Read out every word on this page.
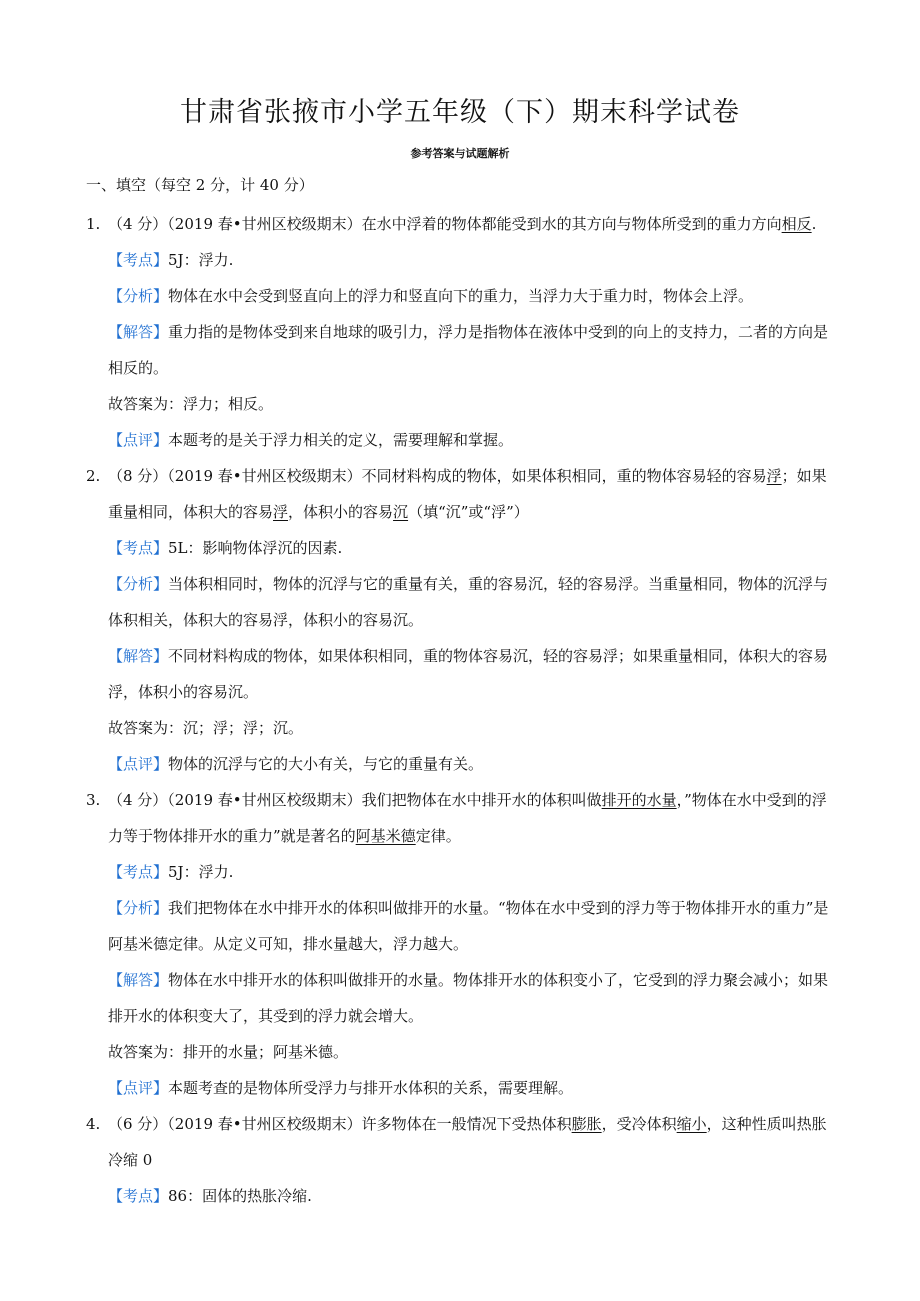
甘肃省张掖市小学五年级（下）期末科学试卷
参考答案与试题解析
一、填空（每空 2 分，计 40 分）
1. （4 分）（2019 春•甘州区校级期末）在水中浮着的物体都能受到水的其方向与物体所受到的重力方向相反.
【考点】5J：浮力.
【分析】物体在水中会受到竖直向上的浮力和竖直向下的重力，当浮力大于重力时，物体会上浮。
【解答】重力指的是物体受到来自地球的吸引力，浮力是指物体在液体中受到的向上的支持力，二者的方向是相反的。
故答案为：浮力；相反。
【点评】本题考的是关于浮力相关的定义，需要理解和掌握。
2. （8 分）（2019 春•甘州区校级期末）不同材料构成的物体，如果体积相同，重的物体容易轻的容易浮；如果重量相同，体积大的容易浮，体积小的容易沉（填“沉”或“浮”）
【考点】5L：影响物体浮沉的因素.
【分析】当体积相同时，物体的沉浮与它的重量有关，重的容易沉，轻的容易浮。当重量相同，物体的沉浮与体积相关，体积大的容易浮，体积小的容易沉。
【解答】不同材料构成的物体，如果体积相同，重的物体容易沉，轻的容易浮；如果重量相同，体积大的容易浮，体积小的容易沉。
故答案为：沉；浮；浮；沉。
【点评】物体的沉浮与它的大小有关，与它的重量有关。
3. （4 分）（2019 春•甘州区校级期末）我们把物体在水中排开水的体积叫做排开的水量，”物体在水中受到的浮力等于物体排开水的重力”就是著名的阿基米德定律。
【考点】5J：浮力.
【分析】我们把物体在水中排开水的体积叫做排开的水量。“物体在水中受到的浮力等于物体排开水的重力”是阿基米德定律。从定义可知，排水量越大，浮力越大。
【解答】物体在水中排开水的体积叫做排开的水量。物体排开水的体积变小了，它受到的浮力聚会减小；如果排开水的体积变大了，其受到的浮力就会增大。
故答案为：排开的水量；阿基米德。
【点评】本题考查的是物体所受浮力与排开水体积的关系，需要理解。
4. （6 分）（2019 春•甘州区校级期末）许多物体在一般情况下受热体积膨胀，受冷体积缩小，这种性质叫热胀冷缩 0
【考点】86：固体的热胀冷缩.
